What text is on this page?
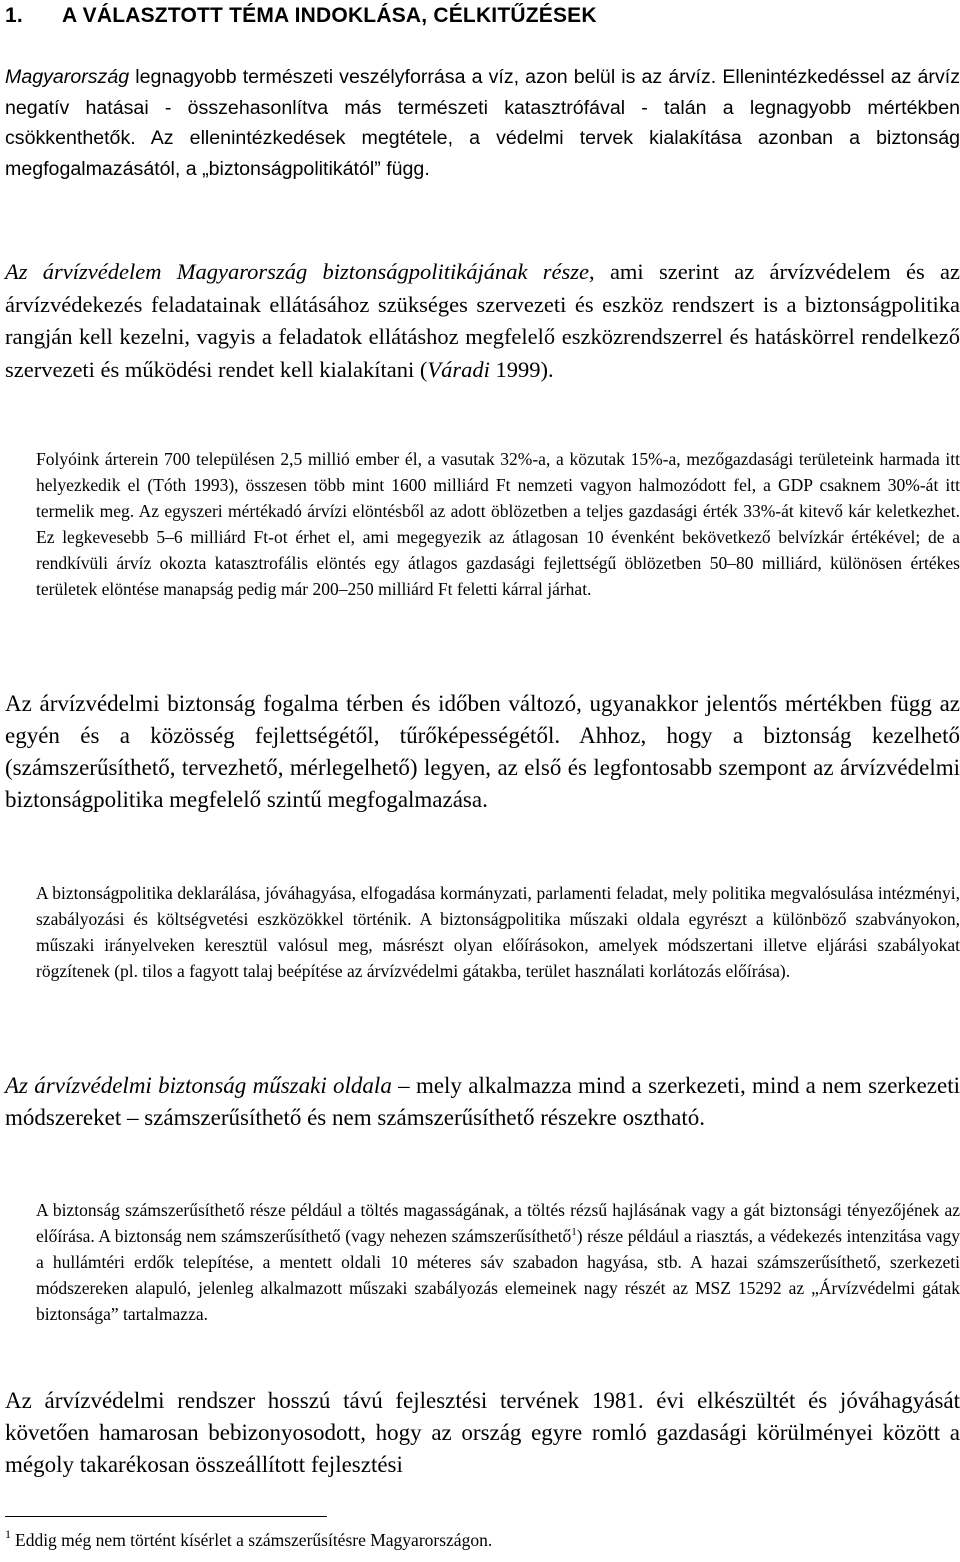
1. A VÁLASZTOTT TÉMA INDOKLÁSA, CÉLKITŰZÉSEK

Magyarország legnagyobb természeti veszélyforrása a víz, azon belül is az árvíz. Ellenintézkedéssel az árvíz negatív hatásai - összehasonlítva más természeti katasztrófával - talán a legnagyobb mértékben csökkenthetők. Az ellenintézkedések megtétele, a védelmi tervek kialakítása azonban a biztonság megfogalmazásától, a „biztonságpolitikától” függ.

Az árvízvédelem Magyarország biztonságpolitikájának része, ami szerint az árvízvédelem és az árvízvédekezés feladatainak ellátásához szükséges szervezeti és eszköz rendszert is a biztonságpolitika rangján kell kezelni, vagyis a feladatok ellátáshoz megfelelő eszközrendszerrel és hatáskörrel rendelkező szervezeti és működési rendet kell kialakítani (Váradi 1999).

Folyóink árterein 700 településen 2,5 millió ember él, a vasutak 32%-a, a közutak 15%-a, mezőgazdasági területeink harmada itt helyezkedik el (Tóth 1993), összesen több mint 1600 milliárd Ft nemzeti vagyon halmozódott fel, a GDP csaknem 30%-át itt termelik meg. Az egyszeri mértékadó árvízi elöntésből az adott öblözetben a teljes gazdasági érték 33%-át kitevő kár keletkezhet. Ez legkevesebb 5–6 milliárd Ft-ot érhet el, ami megegyezik az átlagosan 10 évenként bekövetkező belvízkár értékével; de a rendkívüli árvíz okozta katasztrofális elöntés egy átlagos gazdasági fejlettségű öblözetben 50–80 milliárd, különösen értékes területek elöntése manapság pedig már 200–250 milliárd Ft feletti kárral járhat.

Az árvízvédelmi biztonság fogalma térben és időben változó, ugyanakkor jelentős mértékben függ az egyén és a közösség fejlettségétől, tűrőképességétől. Ahhoz, hogy a biztonság kezelhető (számszerűsíthető, tervezhető, mérlegelhető) legyen, az első és legfontosabb szempont az árvízvédelmi biztonságpolitika megfelelő szintű megfogalmazása.

A biztonságpolitika deklarálása, jóváhagyása, elfogadása kormányzati, parlamenti feladat, mely politika megvalósulása intézményi, szabályozási és költségvetési eszközökkel történik. A biztonságpolitika műszaki oldala egyrészt a különböző szabványokon, műszaki irányelveken keresztül valósul meg, másrészt olyan előírásokon, amelyek módszertani illetve eljárási szabályokat rögzítenek (pl. tilos a fagyott talaj beépítése az árvízvédelmi gátakba, terület használati korlátozás előírása).

Az árvízvédelmi biztonság műszaki oldala – mely alkalmazza mind a szerkezeti, mind a nem szerkezeti módszereket – számszerűsíthető és nem számszerűsíthető részekre osztható.

A biztonság számszerűsíthető része például a töltés magasságának, a töltés rézsű hajlásának vagy a gát biztonsági tényezőjének az előírása. A biztonság nem számszerűsíthető (vagy nehezen számszerűsíthető$^1$) része például a riasztás, a védekezés intenzitása vagy a hullámtéri erdők telepítése, a mentett oldali 10 méteres sáv szabadon hagyása, stb. A hazai számszerűsíthető, szerkezeti módszereken alapuló, jelenleg alkalmazott műszaki szabályozás elemeinek nagy részét az MSZ 15292 az „Árvízvédelmi gátak biztonsága” tartalmazza.

Az árvízvédelmi rendszer hosszú távú fejlesztési tervének 1981. évi elkészültét és jóváhagyását követően hamarosan bebizonyosodott, hogy az ország egyre romló gazdasági körülményei között a mégoly takarékosan összeállított fejlesztési

$^1$ Eddig még nem történt kísérlet a számszerűsítésre Magyarországon.
